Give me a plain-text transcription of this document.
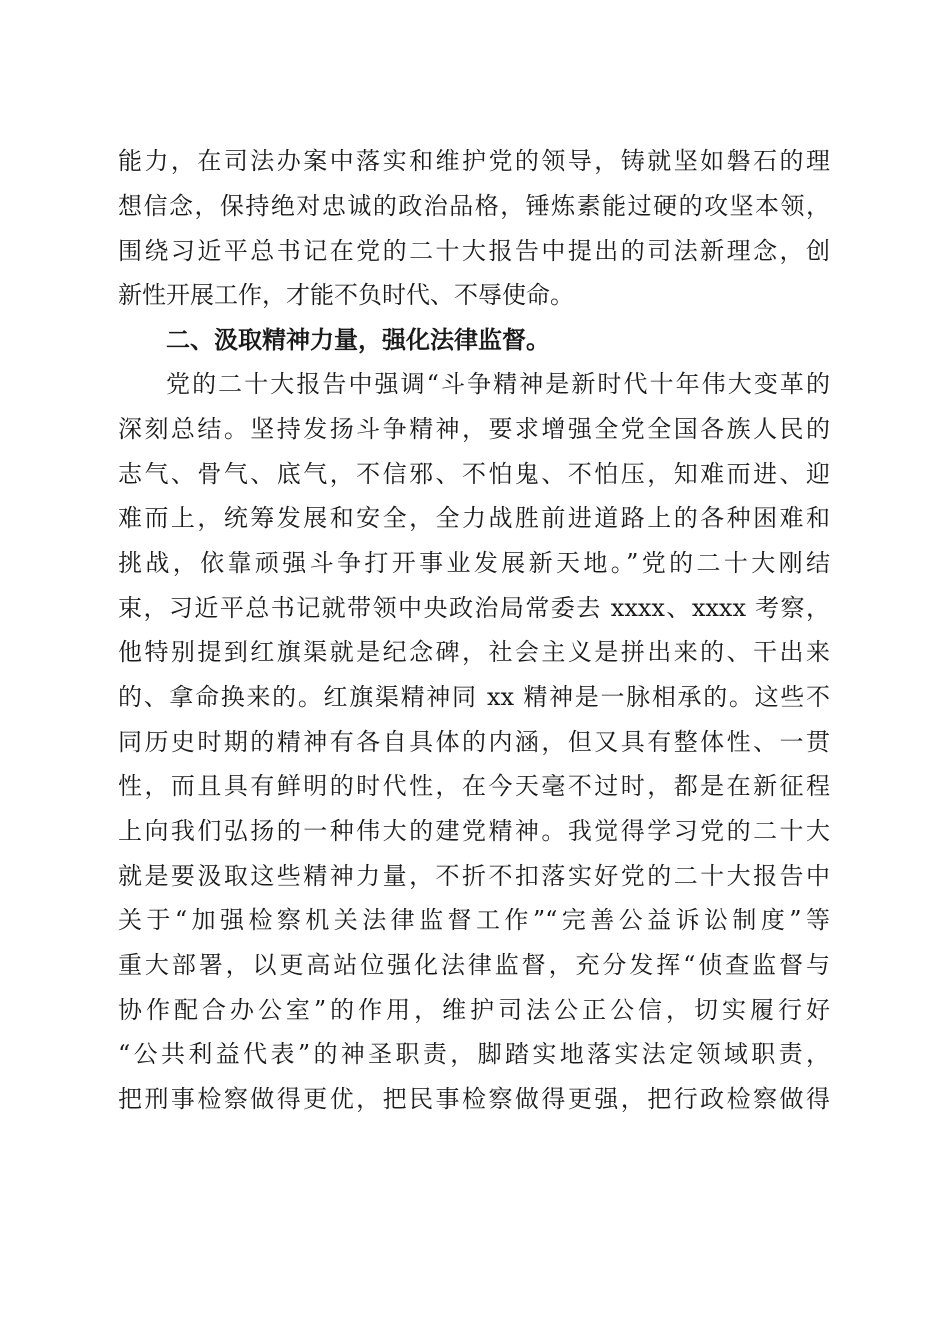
能力，在司法办案中落实和维护党的领导，铸就坚如磐石的理
想信念，保持绝对忠诚的政治品格，锤炼素能过硬的攻坚本领，
围绕习近平总书记在党的二十大报告中提出的司法新理念，创
新性开展工作，才能不负时代、不辱使命。
二、汲取精神力量，强化法律监督。
党的二十大报告中强调“斗争精神是新时代十年伟大变革的
深刻总结。坚持发扬斗争精神，要求增强全党全国各族人民的
志气、骨气、底气，不信邪、不怕鬼、不怕压，知难而进、迎
难而上，统筹发展和安全，全力战胜前进道路上的各种困难和
挑战，依靠顽强斗争打开事业发展新天地。”党的二十大刚结
束，习近平总书记就带领中央政治局常委去 xxxx、xxxx 考察，
他特别提到红旗渠就是纪念碑，社会主义是拼出来的、干出来
的、拿命换来的。红旗渠精神同 xx 精神是一脉相承的。这些不
同历史时期的精神有各自具体的内涵，但又具有整体性、一贯
性，而且具有鲜明的时代性，在今天毫不过时，都是在新征程
上向我们弘扬的一种伟大的建党精神。我觉得学习党的二十大
就是要汲取这些精神力量，不折不扣落实好党的二十大报告中
关于“加强检察机关法律监督工作”“完善公益诉讼制度”等
重大部署，以更高站位强化法律监督，充分发挥“侦查监督与
协作配合办公室”的作用，维护司法公正公信，切实履行好
“公共利益代表”的神圣职责，脚踏实地落实法定领域职责，
把刑事检察做得更优，把民事检察做得更强，把行政检察做得
